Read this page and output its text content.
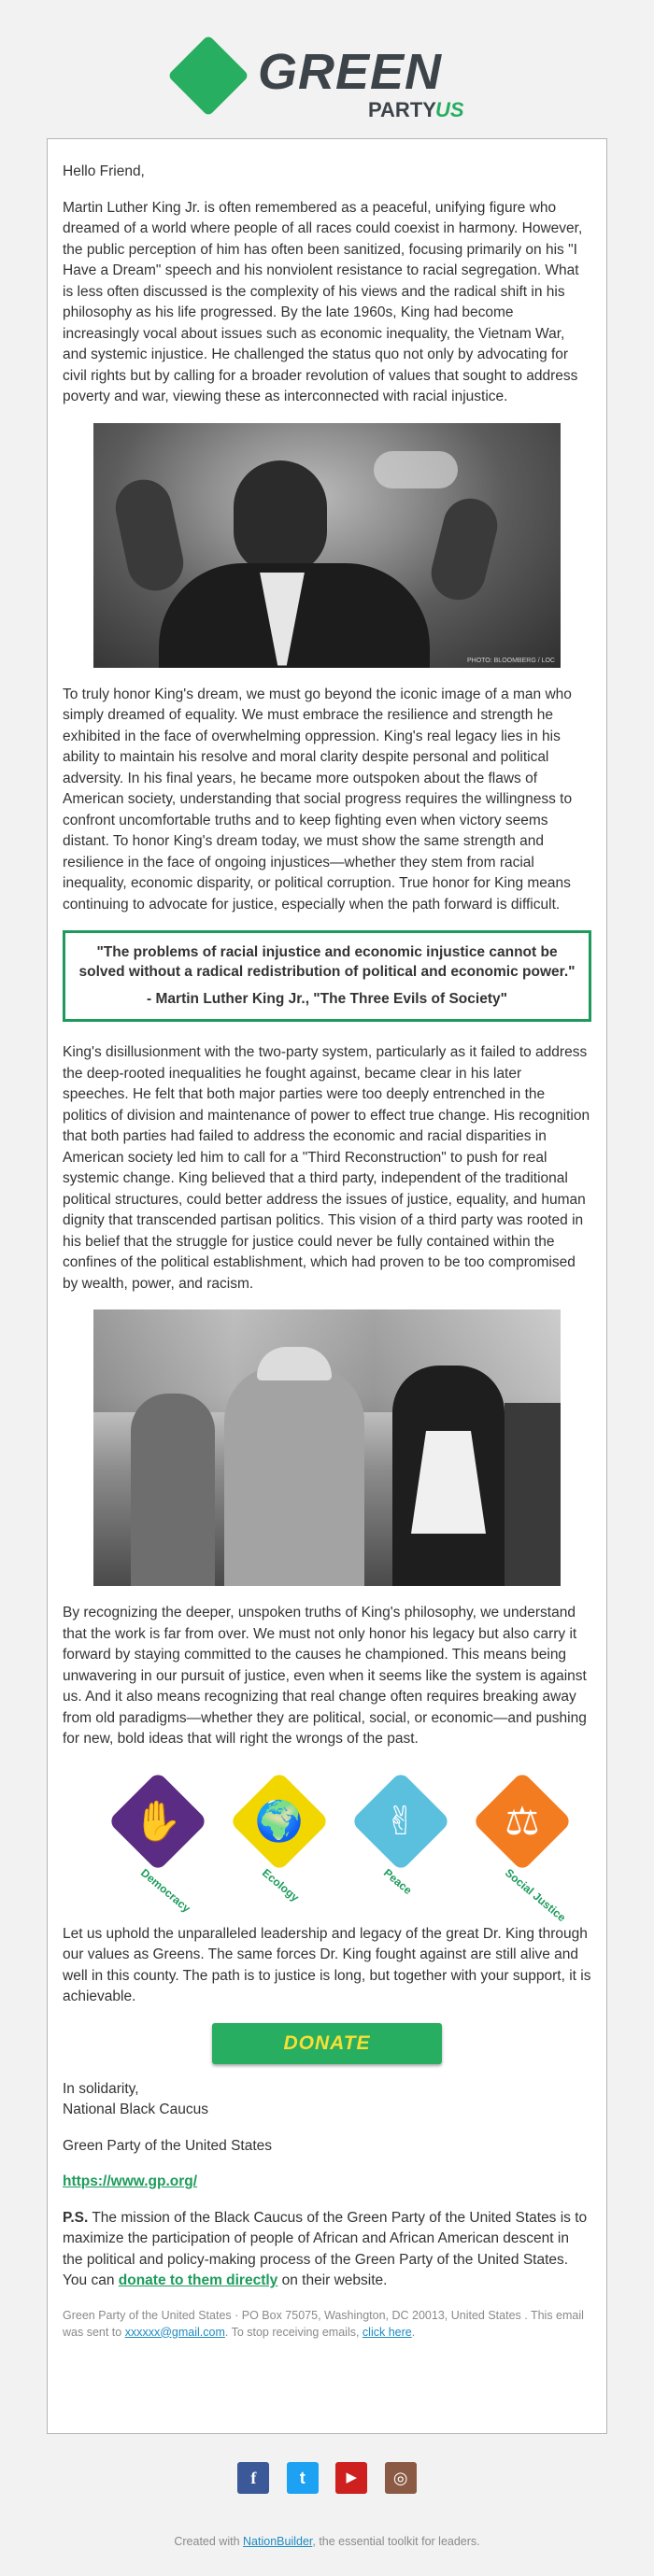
GREEN
PARTY US

Hello Friend,

Martin Luther King Jr. is often remembered as a peaceful, unifying figure who dreamed of a world where people of all races could coexist in harmony. However, the public perception of him has often been sanitized, focusing primarily on his "I Have a Dream" speech and his nonviolent resistance to racial segregation. What is less often discussed is the complexity of his views and the radical shift in his philosophy as his life progressed. By the late 1960s, King had become increasingly vocal about issues such as economic inequality, the Vietnam War, and systemic injustice. He challenged the status quo not only by advocating for civil rights but by calling for a broader revolution of values that sought to address poverty and war, viewing these as interconnected with racial injustice.

PHOTO: BLOOMBERG / LOC

To truly honor King's dream, we must go beyond the iconic image of a man who simply dreamed of equality. We must embrace the resilience and strength he exhibited in the face of overwhelming oppression. King's real legacy lies in his ability to maintain his resolve and moral clarity despite personal and political adversity. In his final years, he became more outspoken about the flaws of American society, understanding that social progress requires the willingness to confront uncomfortable truths and to keep fighting even when victory seems distant. To honor King's dream today, we must show the same strength and resilience in the face of ongoing injustices—whether they stem from racial inequality, economic disparity, or political corruption. True honor for King means continuing to advocate for justice, especially when the path forward is difficult.

"The problems of racial injustice and economic injustice cannot be solved without a radical redistribution of political and economic power."
- Martin Luther King Jr., "The Three Evils of Society"

King's disillusionment with the two-party system, particularly as it failed to address the deep-rooted inequalities he fought against, became clear in his later speeches. He felt that both major parties were too deeply entrenched in the politics of division and maintenance of power to effect true change. His recognition that both parties had failed to address the economic and racial disparities in American society led him to call for a "Third Reconstruction" to push for real systemic change. King believed that a third party, independent of the traditional political structures, could better address the issues of justice, equality, and human dignity that transcended partisan politics. This vision of a third party was rooted in his belief that the struggle for justice could never be fully contained within the confines of the political establishment, which had proven to be too compromised by wealth, power, and racism.

By recognizing the deeper, unspoken truths of King's philosophy, we understand that the work is far from over. We must not only honor his legacy but also carry it forward by staying committed to the causes he championed. This means being unwavering in our pursuit of justice, even when it seems like the system is against us. And it also means recognizing that real change often requires breaking away from old paradigms—whether they are political, social, or economic—and pushing for new, bold ideas that will right the wrongs of the past.

✋
Democracy
🌍
Ecology
✌
Peace
⚖
Social Justice

Let us uphold the unparalleled leadership and legacy of the great Dr. King through our values as Greens. The same forces Dr. King fought against are still alive and well in this county. The path is to justice is long, but together with your support, it is achievable.

DONATE

In solidarity,
National Black Caucus

Green Party of the United States

https://www.gp.org/

P.S. The mission of the Black Caucus of the Green Party of the United States is to maximize the participation of people of African and African American descent in the political and policy-making process of the Green Party of the United States. You can donate to them directly on their website.

Green Party of the United States · PO Box 75075, Washington, DC 20013, United States . This email was sent to xxxxxx@gmail.com. To stop receiving emails, click here.
f	t	▶ ◎
Created with NationBuilder, the essential toolkit for leaders.
